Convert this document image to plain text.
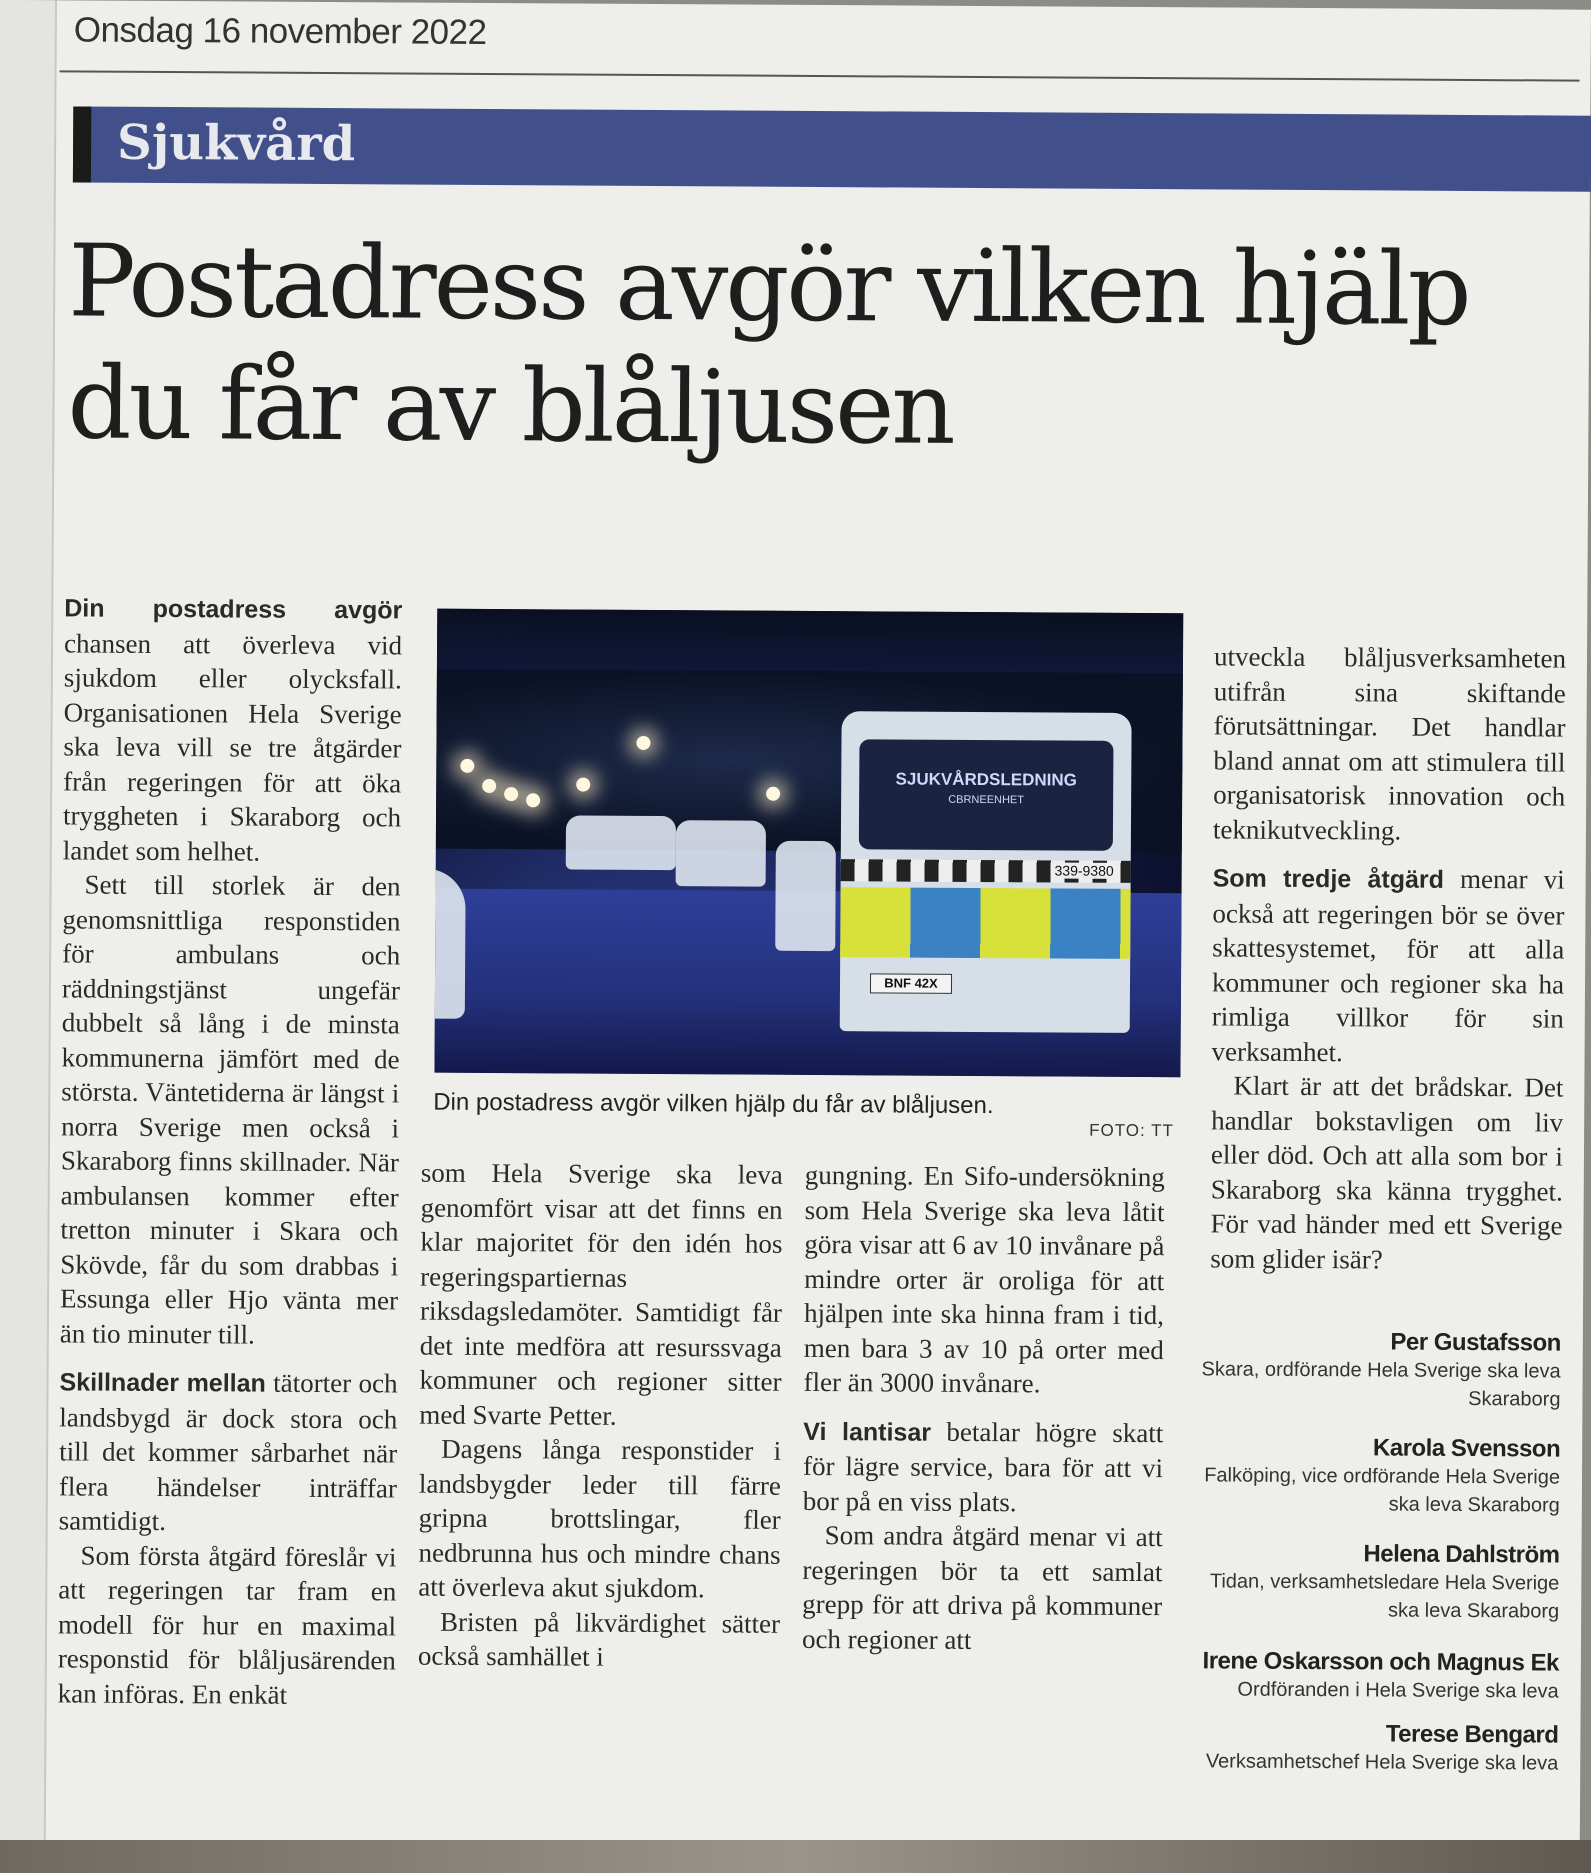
Onsdag 16 november 2022
Sjukvård
Postadress avgör vilken hjälp du får av blåljusen

Din postadress avgör chansen att överleva vid sjukdom eller olycksfall. Organisationen Hela Sverige ska leva vill se tre åtgärder från regeringen för att öka tryggheten i Skaraborg och landet som helhet.

Sett till storlek är den genomsnittliga responstiden för ambulans och räddningstjänst ungefär dubbelt så lång i de minsta kommunerna jämfört med de största. Väntetiderna är längst i norra Sverige men också i Skaraborg finns skillnader. När ambulansen kommer efter tretton minuter i Skara och Skövde, får du som drabbas i Essunga eller Hjo vänta mer än tio minuter till.

Skillnader mellan tätorter och landsbygd är dock stora och till det kommer sårbarhet när flera händelser inträffar samtidigt.

Som första åtgärd föreslår vi att regeringen tar fram en modell för hur en maximal responstid för blåljusärenden kan införas. En enkät

SJUKVÅRDSLEDNING
CBRNEENHET
339-9380
BNF 42X
Din postadress avgör vilken hjälp du får av blåljusen.
FOTO: TT

som Hela Sverige ska leva genomfört visar att det finns en klar majoritet för den idén hos regeringspartiernas riksdagsledamöter. Samtidigt får det inte medföra att resurssvaga kommuner och regioner sitter med Svarte Petter.

Dagens långa responstider i landsbygder leder till färre gripna brottslingar, fler nedbrunna hus och mindre chans att överleva akut sjukdom.

Bristen på likvärdighet sätter också samhället i

gungning. En Sifo-undersökning som Hela Sverige ska leva låtit göra visar att 6 av 10 invånare på mindre orter är oroliga för att hjälpen inte ska hinna fram i tid, men bara 3 av 10 på orter med fler än 3000 invånare.

Vi lantisar betalar högre skatt för lägre service, bara för att vi bor på en viss plats.

Som andra åtgärd menar vi att regeringen bör ta ett samlat grepp för att driva på kommuner och regioner att

utveckla blåljusverksamheten utifrån sina skiftande förutsättningar. Det handlar bland annat om att stimulera till organisatorisk innovation och teknikutveckling.

Som tredje åtgärd menar vi också att regeringen bör se över skattesystemet, för att alla kommuner och regioner ska ha rimliga villkor för sin verksamhet.

Klart är att det brådskar. Det handlar bokstavligen om liv eller död. Och att alla som bor i Skaraborg ska känna trygghet. För vad händer med ett Sverige som glider isär?

Per Gustafsson
Skara, ordförande Hela Sverige ska leva Skaraborg
Karola Svensson
Falköping, vice ordförande Hela Sverige ska leva Skaraborg
Helena Dahlström
Tidan, verksamhetsledare Hela Sverige ska leva Skaraborg
Irene Oskarsson och Magnus Ek
Ordföranden i Hela Sverige ska leva
Terese Bengard
Verksamhetschef Hela Sverige ska leva
